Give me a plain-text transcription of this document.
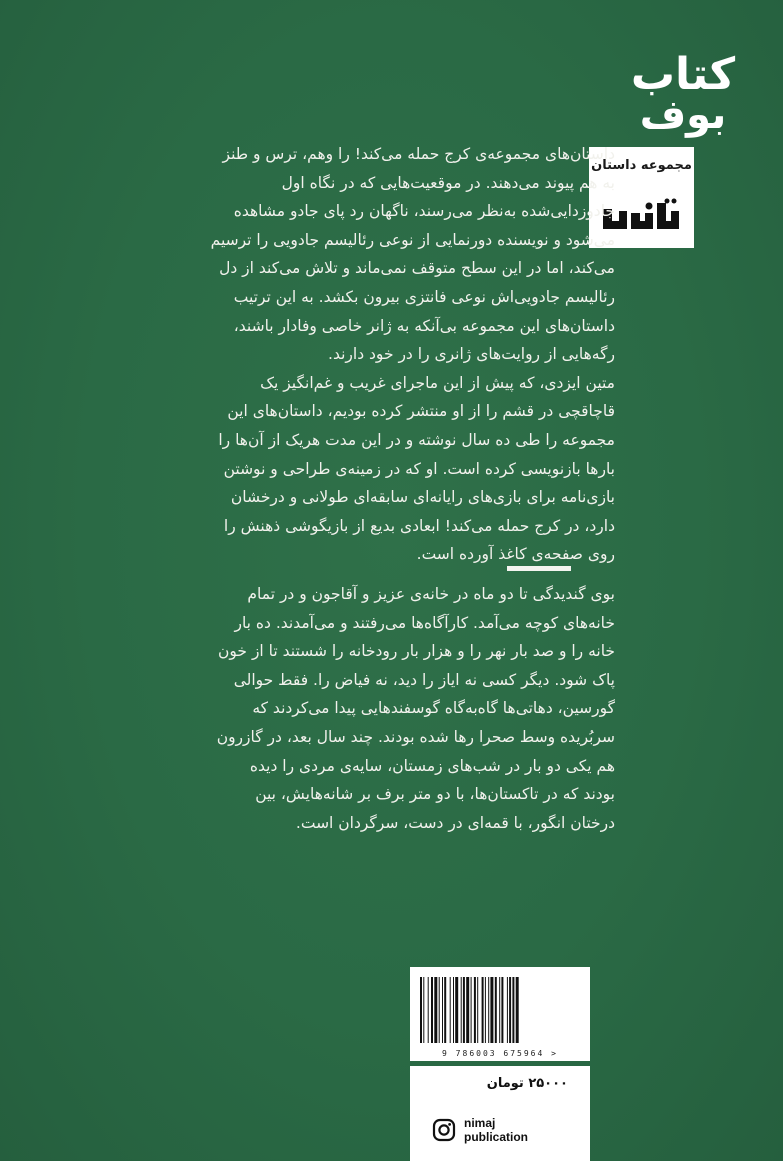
کتاب
بوف
مجموعه داستان

داستان‌های مجموعه‌ی کرج حمله می‌کند! را وهم، ترس و طنز

به هم پیوند می‌دهند. در موقعیت‌هایی که در نگاه اول

جادوزدایی‌شده به‌نظر می‌رسند، ناگهان رد پای جادو مشاهده

می‌شود و نویسنده دورنمایی از نوعی رئالیسم جادویی را ترسیم

می‌کند، اما در این سطح متوقف نمی‌ماند و تلاش می‌کند از دل

رئالیسم جادویی‌اش نوعی فانتزی بیرون بکشد. به این ترتیب

داستان‌های این مجموعه بی‌آنکه به ژانر خاصی وفادار باشند،

رگه‌هایی از روایت‌های ژانری را در خود دارند.

متین ایزدی، که پیش از این ماجرای غریب و غم‌انگیز یک

قاچاقچی در قشم را از او منتشر کرده بودیم، داستان‌های این

مجموعه را طی ده سال نوشته و در این مدت هریک از آن‌ها را

بارها بازنویسی کرده است. او که در زمینه‌ی طراحی و نوشتن

بازی‌نامه برای بازی‌های رایانه‌ای سابقه‌ای طولانی و درخشان

دارد، در کرج حمله می‌کند! ابعادی بدیع از بازیگوشی ذهنش را

روی صفحه‌ی کاغذ آورده است.

بوی گندیدگی تا دو ماه در خانه‌ی عزیز و آقاجون و در تمام

خانه‌های کوچه می‌آمد. کارآگاه‌ها می‌رفتند و می‌آمدند. ده بار

خانه را و صد بار نهر را و هزار بار رودخانه را شستند تا از خون

پاک شود. دیگر کسی نه ایاز را دید، نه فیاض را. فقط حوالی

گورسین، دهاتی‌ها گاه‌به‌گاه گوسفندهایی پیدا می‌کردند که

سربُریده وسط صحرا رها شده بودند. چند سال بعد، در گازرون

هم یکی دو بار در شب‌های زمستان، سایه‌ی مردی را دیده

بودند که در تاکستان‌ها، با دو متر برف بر شانه‌هایش، بین

درختان انگور، با قمه‌ای در دست، سرگردان است.

9 786003 675964 >
۲۵۰۰۰ تومان
nimaj
publication
